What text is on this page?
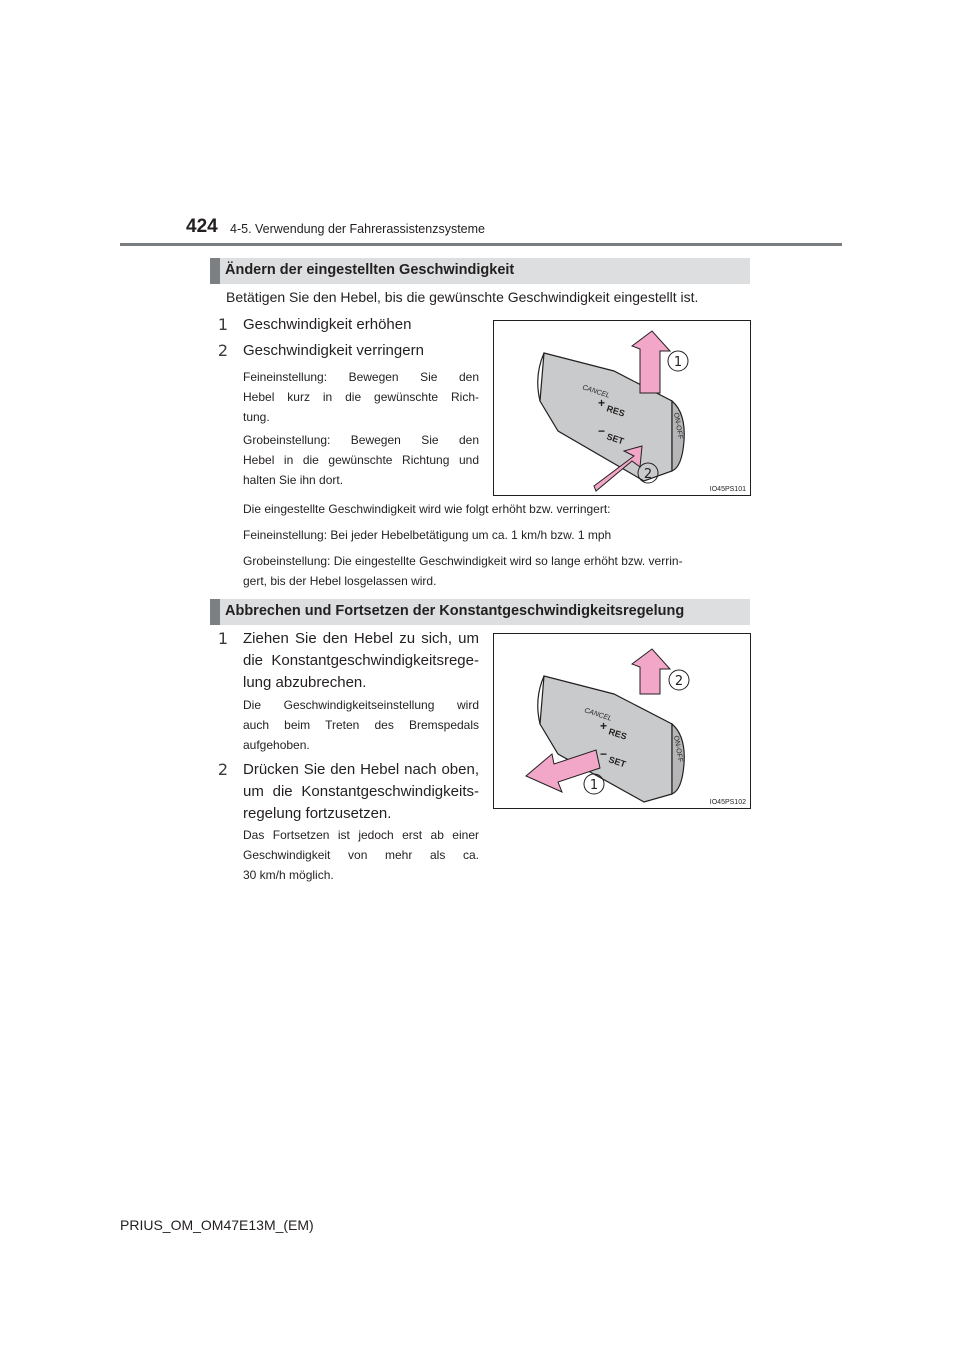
424 4-5. Verwendung der Fahrerassistenzsysteme
Ändern der eingestellten Geschwindigkeit
Betätigen Sie den Hebel, bis die gewünschte Geschwindigkeit eingestellt ist.
1 Geschwindigkeit erhöhen
2 Geschwindigkeit verringern
Feineinstellung: Bewegen Sie den
Hebel kurz in die gewünschte Rich-
tung.
Grobeinstellung: Bewegen Sie den
Hebel in die gewünschte Richtung und
halten Sie ihn dort.
1
2
CANCEL
RES
+
SET
−	ON-OFF
IO45PS101
Die eingestellte Geschwindigkeit wird wie folgt erhöht bzw. verringert:
Feineinstellung: Bei jeder Hebelbetätigung um ca. 1 km/h bzw. 1 mph
Grobeinstellung: Die eingestellte Geschwindigkeit wird so lange erhöht bzw. verrin-
gert, bis der Hebel losgelassen wird.
Abbrechen und Fortsetzen der Konstantgeschwindigkeitsregelung
1 Ziehen Sie den Hebel zu sich, um
die Konstantgeschwindigkeitsrege-
lung abzubrechen.
Die Geschwindigkeitseinstellung wird
auch beim Treten des Bremspedals
aufgehoben.
2 Drücken Sie den Hebel nach oben,
um die Konstantgeschwindigkeits-
regelung fortzusetzen.
Das Fortsetzen ist jedoch erst ab einer
Geschwindigkeit von mehr als ca.
30 km/h möglich.
2
1
CANCEL
RES
+
SET
−	ON-OFF
IO45PS102
PRIUS_OM_OM47E13M_(EM)
